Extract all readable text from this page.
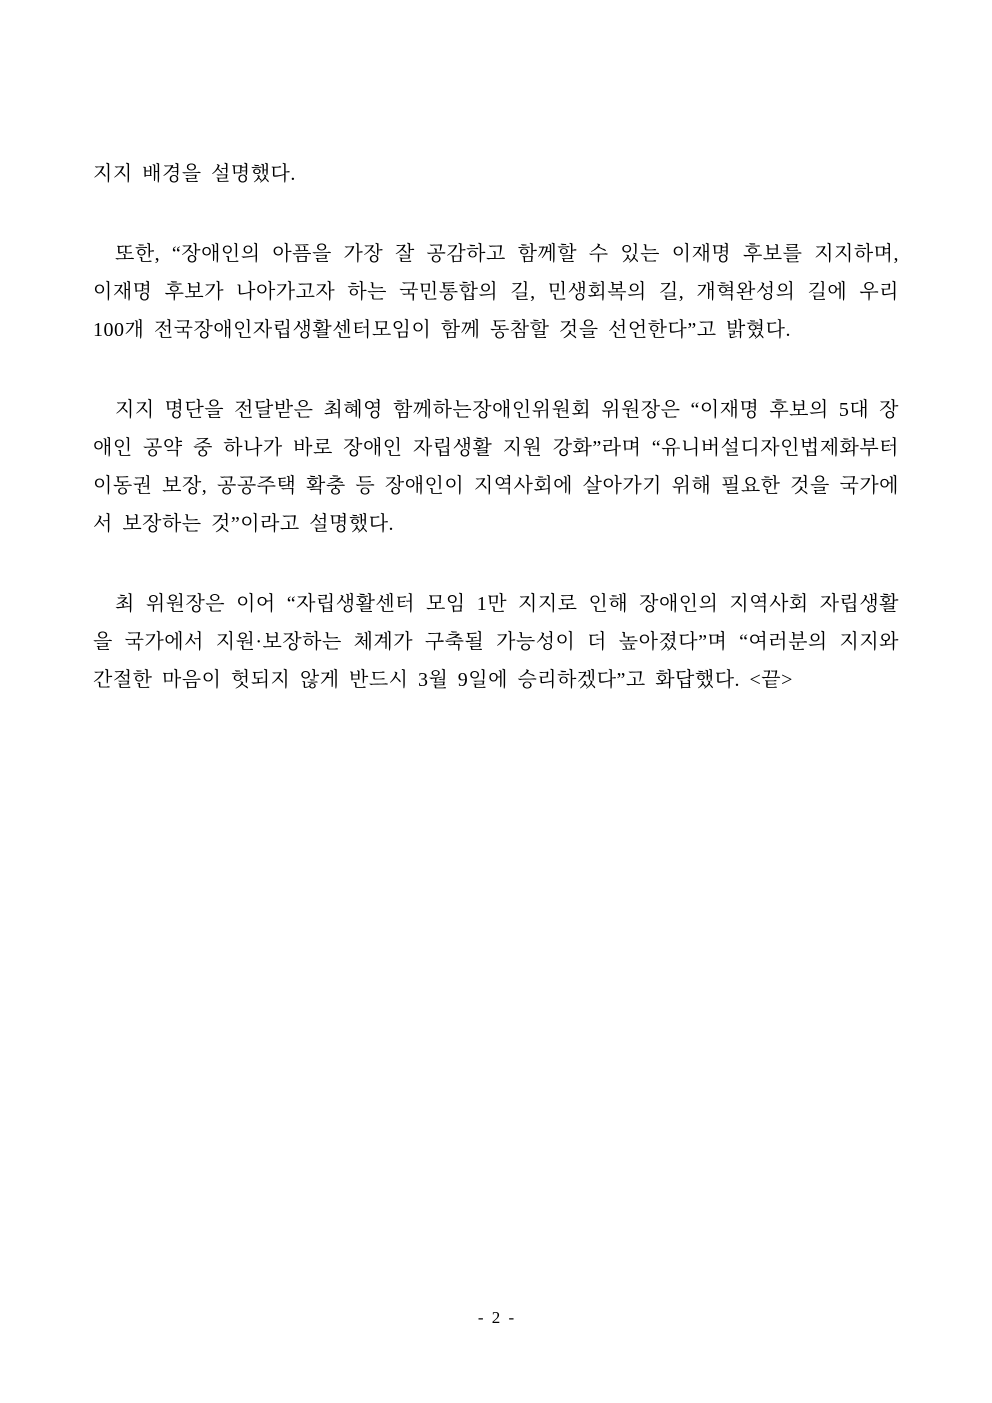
지지 배경을 설명했다.
또한, “장애인의 아픔을 가장 잘 공감하고 함께할 수 있는 이재명 후보를 지지하며,
이재명 후보가 나아가고자 하는 국민통합의 길, 민생회복의 길, 개혁완성의 길에 우리
100개 전국장애인자립생활센터모임이 함께 동참할 것을 선언한다”고 밝혔다.
지지 명단을 전달받은 최혜영 함께하는장애인위원회 위원장은 “이재명 후보의 5대 장
애인 공약 중 하나가 바로 장애인 자립생활 지원 강화”라며 “유니버설디자인법제화부터
이동권 보장, 공공주택 확충 등 장애인이 지역사회에 살아가기 위해 필요한 것을 국가에
서 보장하는 것”이라고 설명했다.
최 위원장은 이어 “자립생활센터 모임 1만 지지로 인해 장애인의 지역사회 자립생활
을 국가에서 지원·보장하는 체계가 구축될 가능성이 더 높아졌다”며 “여러분의 지지와
간절한 마음이 헛되지 않게 반드시 3월 9일에 승리하겠다”고 화답했다. <끝>
- 2 -
